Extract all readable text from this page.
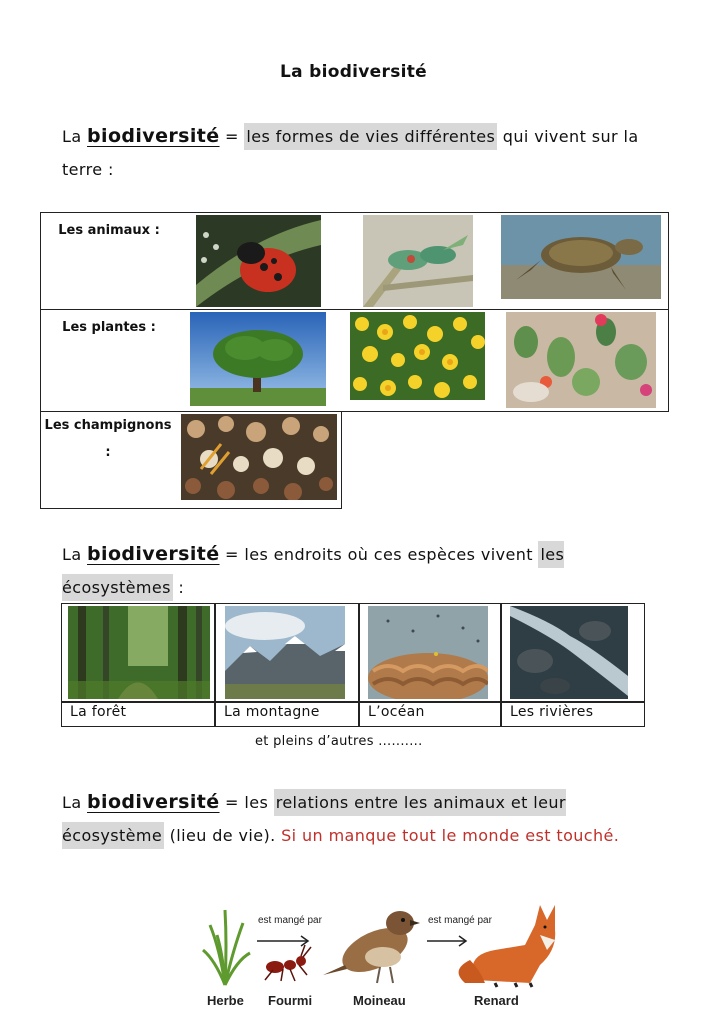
La biodiversité
La biodiversité = les formes de vies différentes qui vivent sur la terre :
Les animaux :
Les plantes :
Les champignons :
La biodiversité = les endroits où ces espèces vivent les écosystèmes :
La forêt	La montagne	L’océan	Les rivières
et pleins d’autres ..........
La biodiversité = les relations entre les animaux et leur écosystème (lieu de vie). Si un manque tout le monde est touché.
est mangé par	est mangé par
Herbe Fourmi	Moineau	Renard
